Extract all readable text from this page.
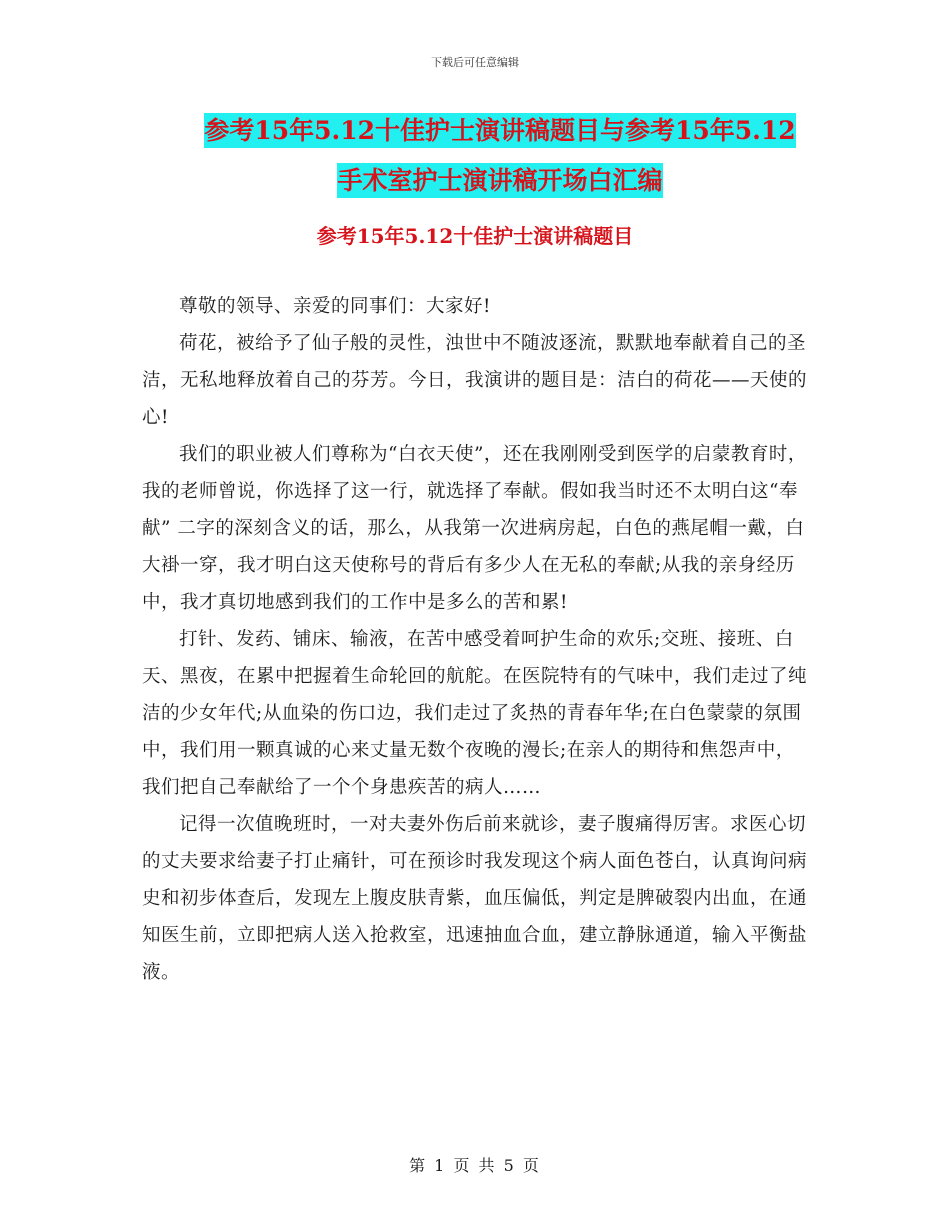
下载后可任意编辑
参考15年5.12十佳护士演讲稿题目与参考15年5.12
手术室护士演讲稿开场白汇编
参考15年5.12十佳护士演讲稿题目

尊敬的领导、亲爱的同事们：大家好!

荷花，被给予了仙子般的灵性，浊世中不随波逐流，默默地奉献着自己的圣洁，无私地释放着自己的芬芳。今日，我演讲的题目是：洁白的荷花——天使的心!

我们的职业被人们尊称为“白衣天使”，还在我刚刚受到医学的启蒙教育时，我的老师曾说，你选择了这一行，就选择了奉献。假如我当时还不太明白这“奉献” 二字的深刻含义的话，那么，从我第一次进病房起，白色的燕尾帽一戴，白大褂一穿，我才明白这天使称号的背后有多少人在无私的奉献;从我的亲身经历中，我才真切地感到我们的工作中是多么的苦和累!

打针、发药、铺床、输液，在苦中感受着呵护生命的欢乐;交班、接班、白天、黑夜，在累中把握着生命轮回的航舵。在医院特有的气味中，我们走过了纯洁的少女年代;从血染的伤口边，我们走过了炙热的青春年华;在白色蒙蒙的氛围中，我们用一颗真诚的心来丈量无数个夜晚的漫长;在亲人的期待和焦怨声中，我们把自己奉献给了一个个身患疾苦的病人……

记得一次值晚班时，一对夫妻外伤后前来就诊，妻子腹痛得厉害。求医心切的丈夫要求给妻子打止痛针，可在预诊时我发现这个病人面色苍白，认真询问病史和初步体查后，发现左上腹皮肤青紫，血压偏低，判定是脾破裂内出血，在通知医生前，立即把病人送入抢救室，迅速抽血合血，建立静脉通道，输入平衡盐液。

第 1 页 共 5 页
